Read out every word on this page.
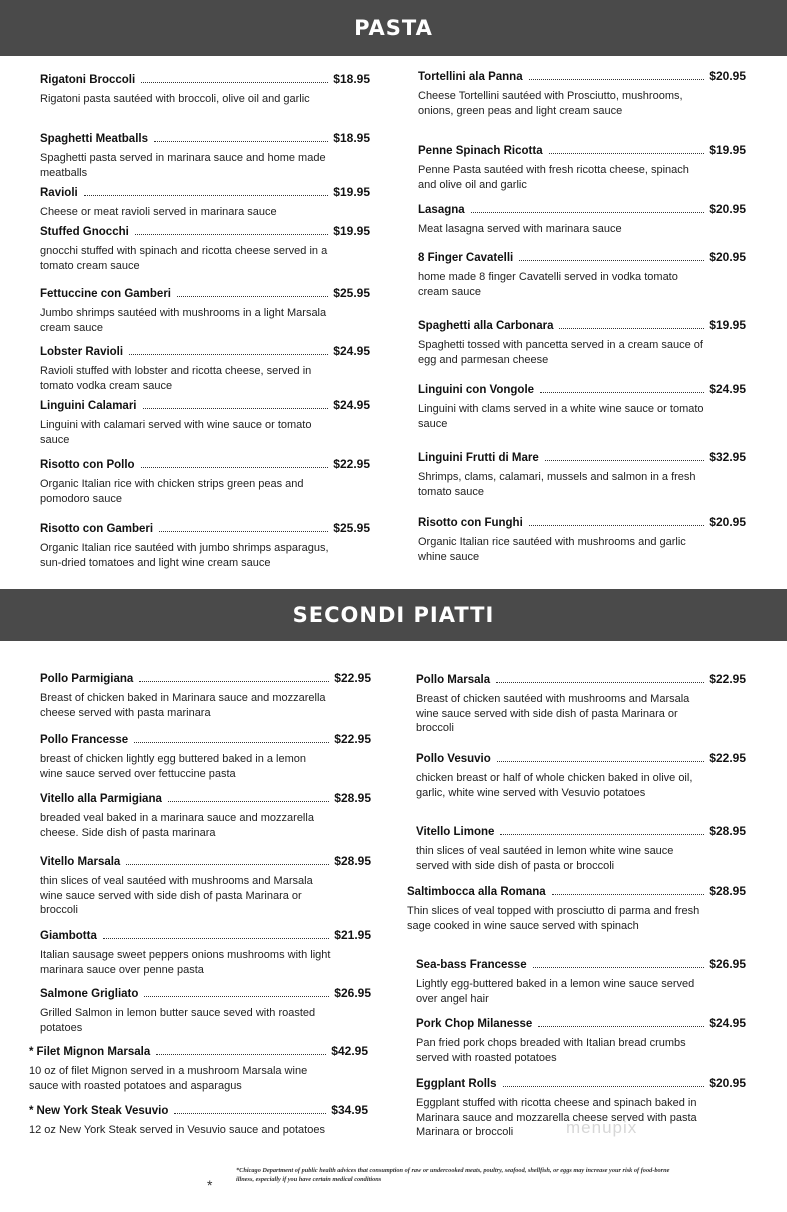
PASTA
SECONDI PIATTI
Rigatoni Broccoli	$18.95
Rigatoni pasta sautéed with broccoli, olive oil and garlic
Spaghetti Meatballs	$18.95
Spaghetti pasta served in marinara sauce and home made meatballs
Ravioli	$19.95
Cheese or meat ravioli served in marinara sauce
Stuffed Gnocchi	$19.95
gnocchi stuffed with spinach and ricotta cheese served in a tomato cream sauce
Fettuccine con Gamberi	$25.95
Jumbo shrimps sautéed with mushrooms in a light Marsala cream sauce
Lobster Ravioli	$24.95
Ravioli stuffed with lobster and ricotta cheese, served in tomato vodka cream sauce
Linguini Calamari	$24.95
Linguini with calamari served with wine sauce or tomato sauce
Risotto con Pollo	$22.95
Organic Italian rice with chicken strips green peas and pomodoro sauce
Risotto con Gamberi	$25.95
Organic Italian rice sautéed with jumbo shrimps asparagus, sun-dried tomatoes and light wine cream sauce
Tortellini ala Panna	$20.95
Cheese Tortellini sautéed with Prosciutto, mushrooms, onions, green peas and light cream sauce
Penne Spinach Ricotta	$19.95
Penne Pasta sautéed with fresh ricotta cheese, spinach and olive oil and garlic
Lasagna	$20.95
Meat lasagna served with marinara sauce
8 Finger Cavatelli	$20.95
home made 8 finger Cavatelli served in vodka tomato cream sauce
Spaghetti alla Carbonara	$19.95
Spaghetti tossed with pancetta served in a cream sauce of egg and parmesan cheese
Linguini con Vongole	$24.95
Linguini with clams served in a white wine sauce or tomato sauce
Linguini Frutti di Mare	$32.95
Shrimps, clams, calamari, mussels and salmon in a fresh tomato sauce
Risotto con Funghi	$20.95
Organic Italian rice sautéed with mushrooms and garlic whine sauce
Pollo Parmigiana	$22.95
Breast of chicken baked in Marinara sauce and mozzarella cheese served with pasta marinara
Pollo Francesse	$22.95
breast of chicken lightly egg buttered baked in a lemon wine sauce served over fettuccine pasta
Vitello alla Parmigiana	$28.95
breaded veal baked in a marinara sauce and mozzarella cheese. Side dish of pasta marinara
Vitello Marsala	$28.95
thin slices of veal sautéed with mushrooms and Marsala wine sauce served with side dish of pasta Marinara or broccoli
Giambotta	$21.95
Italian sausage sweet peppers onions mushrooms with light marinara sauce over penne pasta
Salmone Grigliato	$26.95
Grilled Salmon in lemon butter sauce seved with roasted potatoes
* Filet Mignon Marsala	$42.95
10 oz of filet Mignon served in a mushroom Marsala wine sauce with roasted potatoes and asparagus
* New York Steak Vesuvio	$34.95
12 oz New York Steak served in Vesuvio sauce and potatoes
Pollo Marsala	$22.95
Breast of chicken sautéed with mushrooms and Marsala wine sauce served with side dish of pasta Marinara or broccoli
Pollo Vesuvio	$22.95
chicken breast or half of whole chicken baked in olive oil, garlic, white wine served with Vesuvio potatoes
Vitello Limone	$28.95
thin slices of veal sautéed in lemon white wine sauce served with side dish of pasta or broccoli
Saltimbocca alla Romana	$28.95
Thin slices of veal topped with prosciutto di parma and fresh sage cooked in wine sauce served with spinach
Sea-bass Francesse	$26.95
Lightly egg-buttered baked in a lemon wine sauce served over angel hair
Pork Chop Milanesse	$24.95
Pan fried pork chops breaded with Italian bread crumbs served with roasted potatoes
Eggplant Rolls	$20.95
Eggplant stuffed with ricotta cheese and spinach baked in Marinara sauce and mozzarella cheese served with pasta Marinara or broccoli
*Chicago Department of public health advices that consumption of raw or undercooked meats, poultry, seafood, shellfish, or eggs may increase your risk of food-borne illness, especially if you have certain medical conditions
*
menupix
